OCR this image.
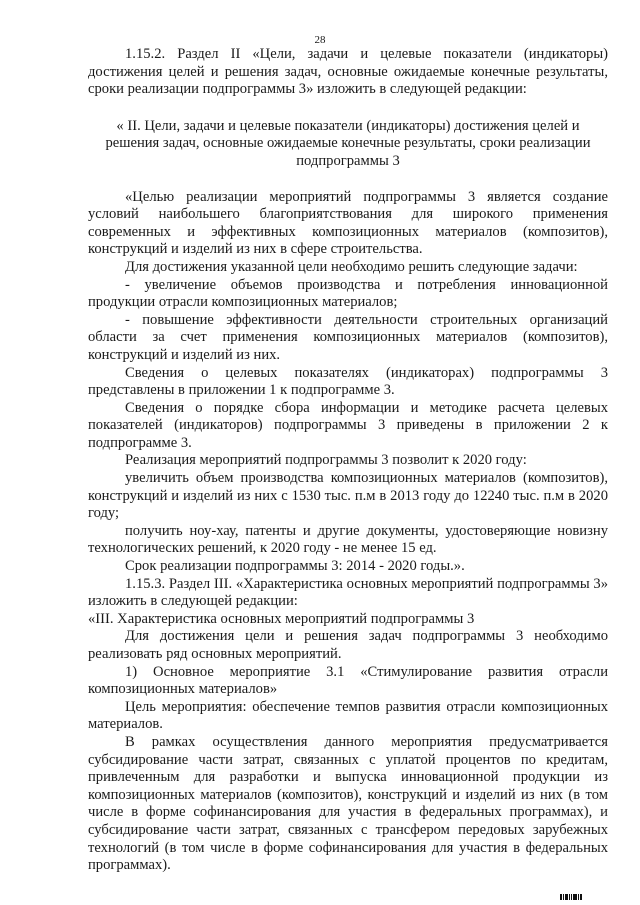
28

1.15.2. Раздел II «Цели, задачи и целевые показатели (индикаторы) достижения целей и решения задач, основные ожидаемые конечные результаты, сроки реализации подпрограммы 3» изложить в следующей редакции:

« II. Цели, задачи и целевые показатели (индикаторы) достижения целей и решения задач, основные ожидаемые конечные результаты, сроки реализации подпрограммы 3

«Целью реализации мероприятий подпрограммы 3 является создание условий наибольшего благоприятствования для широкого применения современных и эффективных композиционных материалов (композитов), конструкций и изделий из них в сфере строительства.

Для достижения указанной цели необходимо решить следующие задачи:

- увеличение объемов производства и потребления инновационной продукции отрасли композиционных материалов;

- повышение эффективности деятельности строительных организаций области за счет применения композиционных материалов (композитов), конструкций и изделий из них.

Сведения о целевых показателях (индикаторах) подпрограммы 3 представлены в приложении 1 к подпрограмме 3.

Сведения о порядке сбора информации и методике расчета целевых показателей (индикаторов) подпрограммы 3 приведены в приложении 2 к подпрограмме 3.

Реализация мероприятий подпрограммы 3 позволит к 2020 году:

увеличить объем производства композиционных материалов (композитов), конструкций и изделий из них с 1530 тыс. п.м в 2013 году до 12240 тыс. п.м в 2020 году;

получить ноу-хау, патенты и другие документы, удостоверяющие новизну технологических решений, к 2020 году - не менее 15 ед.

Срок реализации подпрограммы 3: 2014 - 2020 годы.».

1.15.3. Раздел III. «Характеристика основных мероприятий подпрограммы 3» изложить в следующей редакции:

«III. Характеристика основных мероприятий подпрограммы 3

Для достижения цели и решения задач подпрограммы 3 необходимо реализовать ряд основных мероприятий.

1) Основное мероприятие 3.1 «Стимулирование развития отрасли композиционных материалов»

Цель мероприятия: обеспечение темпов развития отрасли композиционных материалов.

В рамках осуществления данного мероприятия предусматривается субсидирование части затрат, связанных с уплатой процентов по кредитам, привлеченным для разработки и выпуска инновационной продукции из композиционных материалов (композитов), конструкций и изделий из них (в том числе в форме софинансирования для участия в федеральных программах), и субсидирование части затрат, связанных с трансфером передовых зарубежных технологий (в том числе в форме софинансирования для участия в федеральных программах).
